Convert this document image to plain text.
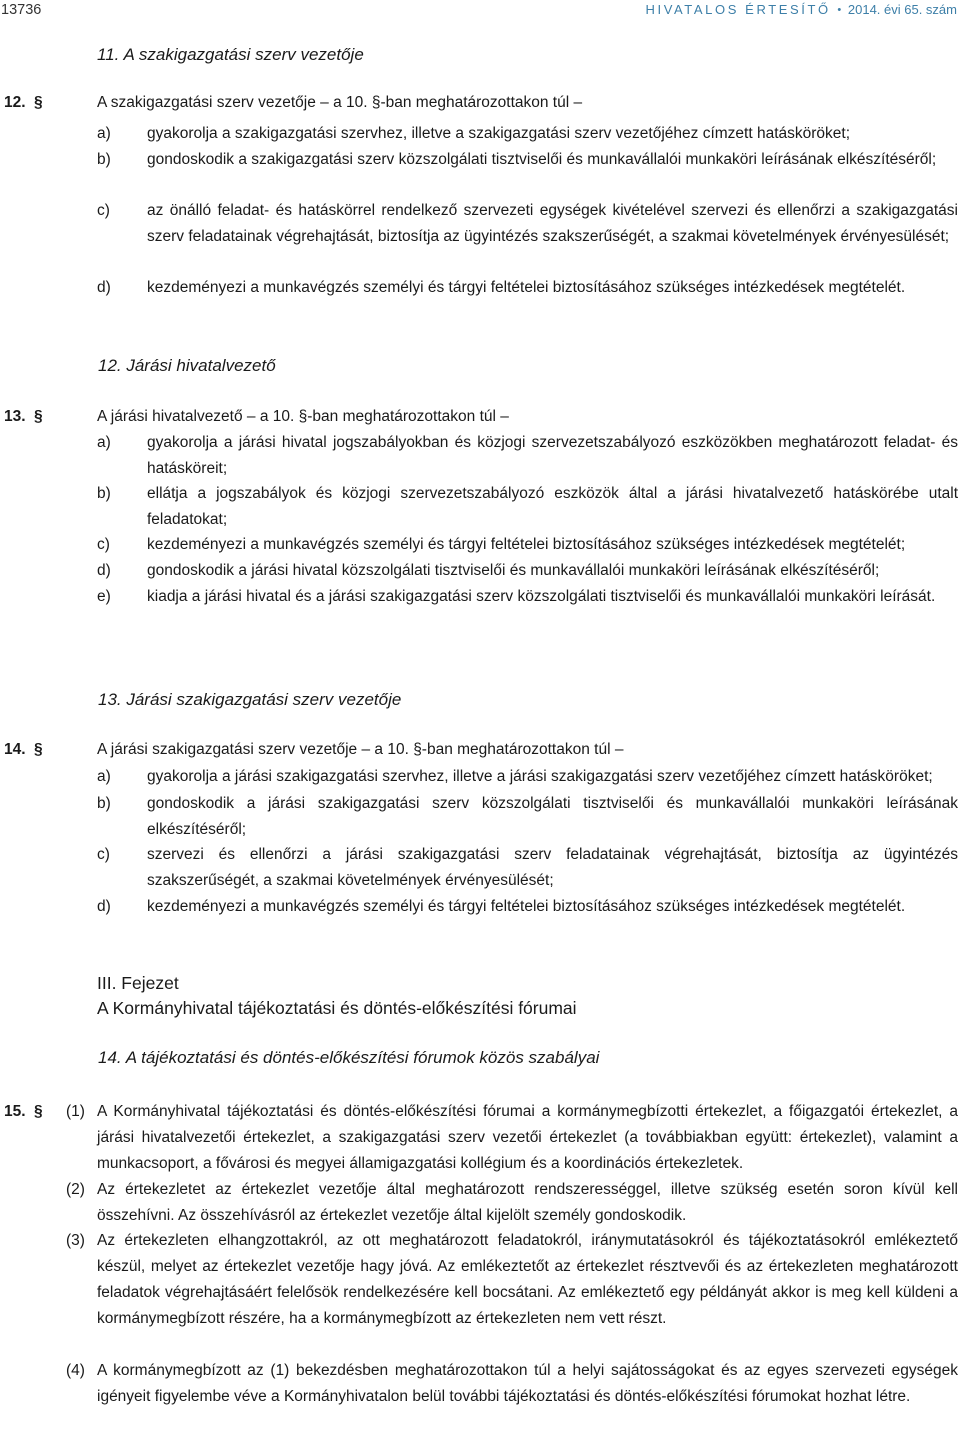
13736	HIVATALOS ÉRTESÍTŐ • 2014. évi 65. szám
11. A szakigazgatási szerv vezetője
12. §	A szakigazgatási szerv vezetője – a 10. §-ban meghatározottakon túl –
a) gyakorolja a szakigazgatási szervhez, illetve a szakigazgatási szerv vezetőjéhez címzett hatásköröket;
b) gondoskodik a szakigazgatási szerv közszolgálati tisztviselői és munkavállalói munkaköri leírásának elkészítéséről;
c) az önálló feladat- és hatáskörrel rendelkező szervezeti egységek kivételével szervezi és ellenőrzi a szakigazgatási szerv feladatainak végrehajtását, biztosítja az ügyintézés szakszerűségét, a szakmai követelmények érvényesülését;
d) kezdeményezi a munkavégzés személyi és tárgyi feltételei biztosításához szükséges intézkedések megtételét.
12. Járási hivatalvezető
13. §	A járási hivatalvezető – a 10. §-ban meghatározottakon túl –
a) gyakorolja a járási hivatal jogszabályokban és közjogi szervezetszabályozó eszközökben meghatározott feladat- és hatásköreit;
b) ellátja a jogszabályok és közjogi szervezetszabályozó eszközök által a járási hivatalvezető hatáskörébe utalt feladatokat;
c) kezdeményezi a munkavégzés személyi és tárgyi feltételei biztosításához szükséges intézkedések megtételét;
d) gondoskodik a járási hivatal közszolgálati tisztviselői és munkavállalói munkaköri leírásának elkészítéséről;
e) kiadja a járási hivatal és a járási szakigazgatási szerv közszolgálati tisztviselői és munkavállalói munkaköri leírását.
13. Járási szakigazgatási szerv vezetője
14. §	A járási szakigazgatási szerv vezetője – a 10. §-ban meghatározottakon túl –
a) gyakorolja a járási szakigazgatási szervhez, illetve a járási szakigazgatási szerv vezetőjéhez címzett hatásköröket;
b) gondoskodik a járási szakigazgatási szerv közszolgálati tisztviselői és munkavállalói munkaköri leírásának elkészítéséről;
c) szervezi és ellenőrzi a járási szakigazgatási szerv feladatainak végrehajtását, biztosítja az ügyintézés szakszerűségét, a szakmai követelmények érvényesülését;
d) kezdeményezi a munkavégzés személyi és tárgyi feltételei biztosításához szükséges intézkedések megtételét.
III. Fejezet
A Kormányhivatal tájékoztatási és döntés-előkészítési fórumai
14. A tájékoztatási és döntés-előkészítési fórumok közös szabályai
15. § (1) A Kormányhivatal tájékoztatási és döntés-előkészítési fórumai a kormánymegbízotti értekezlet, a főigazgatói értekezlet, a járási hivatalvezetői értekezlet, a szakigazgatási szerv vezetői értekezlet (a továbbiakban együtt: értekezlet), valamint a munkacsoport, a fővárosi és megyei államigazgatási kollégium és a koordinációs értekezletek.
(2) Az értekezletet az értekezlet vezetője által meghatározott rendszerességgel, illetve szükség esetén soron kívül kell összehívni. Az összehívásról az értekezlet vezetője által kijelölt személy gondoskodik.
(3) Az értekezleten elhangzottakról, az ott meghatározott feladatokról, iránymutatásokról és tájékoztatásokról emlékeztető készül, melyet az értekezlet vezetője hagy jóvá. Az emlékeztetőt az értekezlet résztvevői és az értekezleten meghatározott feladatok végrehajtásáért felelősök rendelkezésére kell bocsátani. Az emlékeztető egy példányát akkor is meg kell küldeni a kormánymegbízott részére, ha a kormánymegbízott az értekezleten nem vett részt.
(4) A kormánymegbízott az (1) bekezdésben meghatározottakon túl a helyi sajátosságokat és az egyes szervezeti egységek igényeit figyelembe véve a Kormányhivatalon belül további tájékoztatási és döntés-előkészítési fórumokat hozhat létre.
